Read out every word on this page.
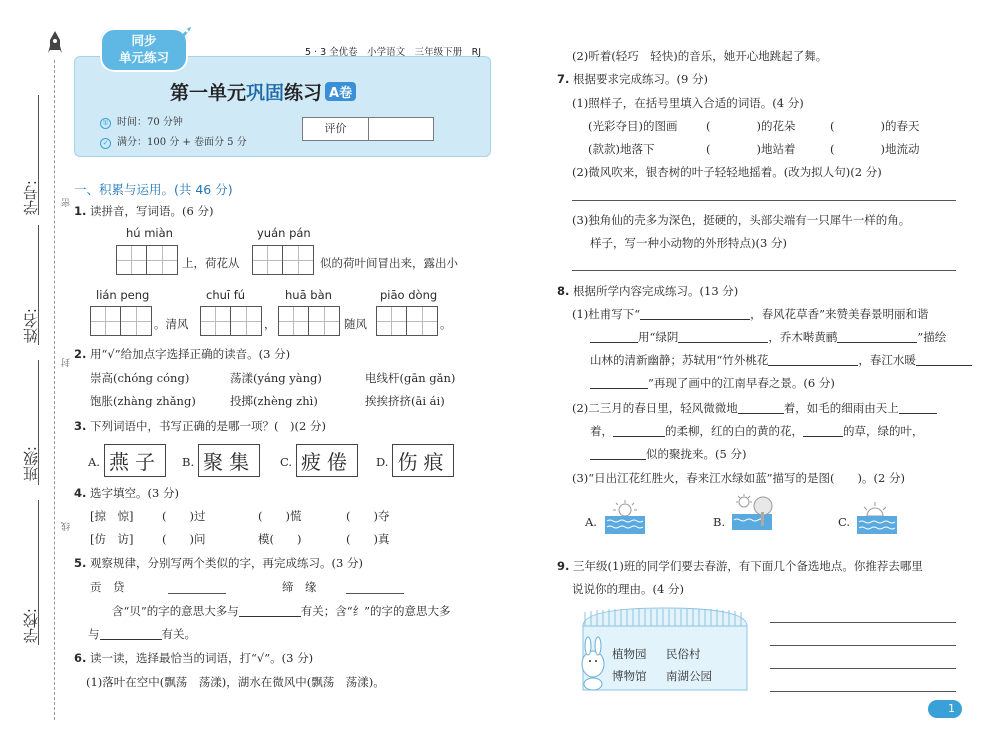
学号:
姓名:
班级:
学校:
密
封
线
同步
单元练习	5 · 3 全优卷　小学语文　三年级下册　RJ
第一单元巩固练习 A卷
① 时间：70 分钟
✓ 满分：100 分 + 卷面分 5 分
评价
一、积累与运用。(共 46 分)
1. 读拼音，写词语。(6 分)
hú miàn	yuán pán
上，荷花从	似的荷叶间冒出来，露出小
lián peng	chuī fú	huā bàn	piāo dòng
。清风	，	随风	。
2. 用“√”给加点字选择正确的读音。(3 分)
崇高(chóng cóng)	荡漾(yáng yàng)	电线杆(gān gǎn)
饱胀(zhàng zhǎng)	投掷(zhèng zhì)	挨挨挤挤(āi ái)
3. 下列词语中，书写正确的是哪一项？(　)(2 分)
A. 燕子	B. 聚集	C. 疲倦	D. 伤痕
4. 选字填空。(3 分)
[掠　惊] (　　)过	(　　)慌	(　　)夺
[仿　访] (　　)问	模(　　)	(　　)真
5. 观察规律，分别写两个类似的字，再完成练习。(3 分)
贡　贷	缔　缘
含“贝”的字的意思大多与	有关；含“纟”的字的意思大多
与	有关。
6. 读一读，选择最恰当的词语，打“√”。(3 分)
(1)落叶在空中(飘荡　荡漾)，湖水在微风中(飘荡　荡漾)。
(2)听着(轻巧　轻快)的音乐，她开心地跳起了舞。
7. 根据要求完成练习。(9 分)
(1)照样子，在括号里填入合适的词语。(4 分)
(光彩夺目)的图画 (　　　　)的花朵	(　　　　)的春天
(款款)地落下	(　　　　)地站着	(　　　　)地流动
(2)微风吹来，银杏树的叶子轻轻地摇着。(改为拟人句)(2 分)
(3)独角仙的壳多为深色，挺硬的，头部尖端有一只犀牛一样的角。
样子，写一种小动物的外形特点)(3 分)
8. 根据所学内容完成练习。(13 分)
(1)杜甫写下“	，春风花草香”来赞美春景明丽和谐
用“绿阴	，乔木啭黄鹂	”描绘
山林的清新幽静；苏轼用“竹外桃花	，春江水暖
”再现了画中的江南早春之景。(6 分)
(2)二三月的春日里，轻风微微地	着，如毛的细雨由天上
着，	的柔柳，红的白的黄的花，	的草，绿的叶，
似的聚拢来。(5 分)
(3)“日出江花红胜火，春来江水绿如蓝”描写的是图(　　)。(2 分)
A.	B.	C.
9. 三年级(1)班的同学们要去春游，有下面几个备选地点。你推荐去哪里
说说你的理由。(4 分)
植物园 民俗村
博物馆 南湖公园
1
